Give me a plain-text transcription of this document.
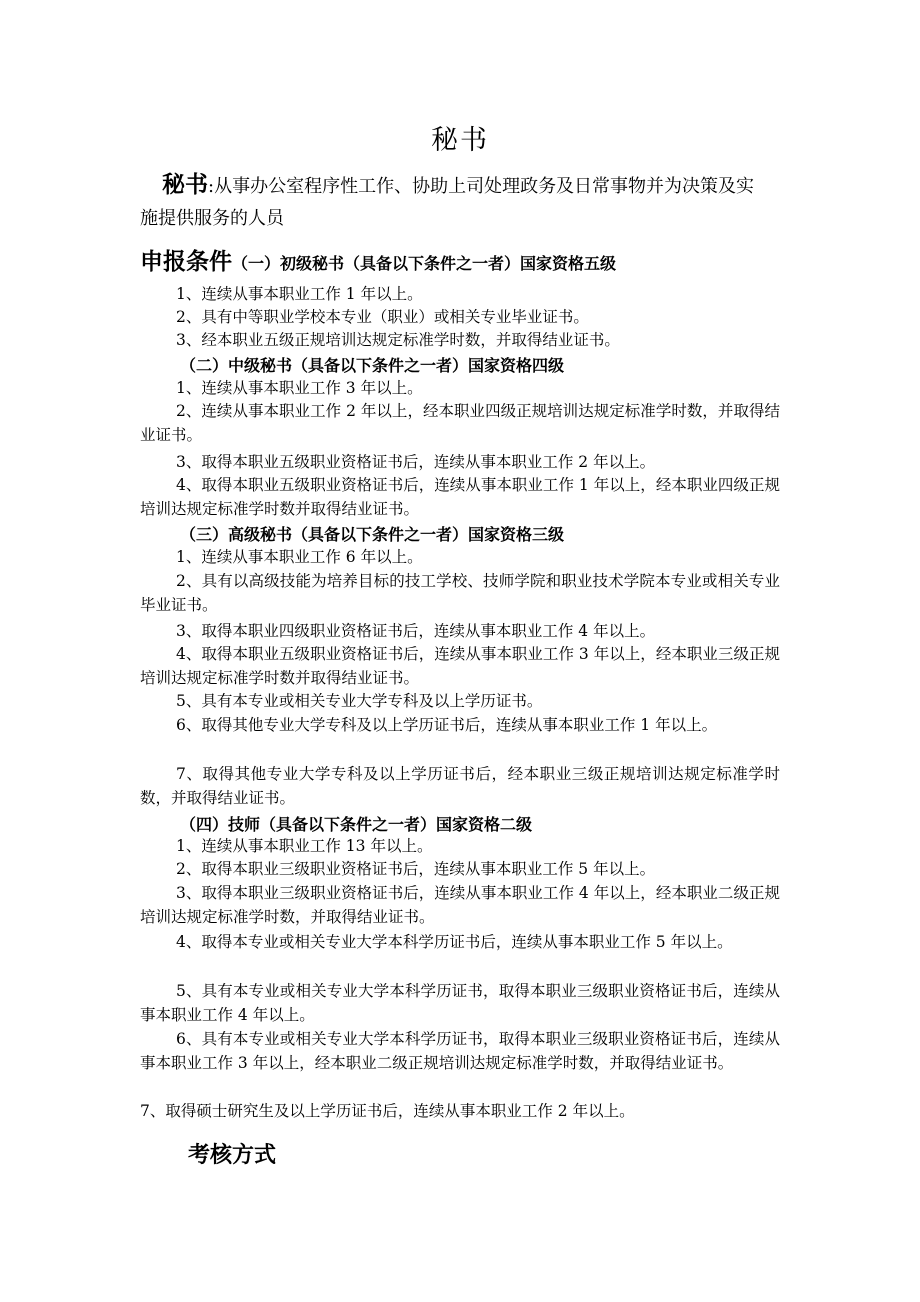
秘书
秘书:从事办公室程序性工作、协助上司处理政务及日常事物并为决策及实
施提供服务的人员
申报条件（一）初级秘书（具备以下条件之一者）国家资格五级
1、连续从事本职业工作 1 年以上。
2、具有中等职业学校本专业（职业）或相关专业毕业证书。
3、经本职业五级正规培训达规定标准学时数，并取得结业证书。
（二）中级秘书（具备以下条件之一者）国家资格四级
1、连续从事本职业工作 3 年以上。
2、连续从事本职业工作 2 年以上，经本职业四级正规培训达规定标准学时数，并取得结业证书。
3、取得本职业五级职业资格证书后，连续从事本职业工作 2 年以上。
4、取得本职业五级职业资格证书后，连续从事本职业工作 1 年以上，经本职业四级正规培训达规定标准学时数并取得结业证书。
（三）高级秘书（具备以下条件之一者）国家资格三级
1、连续从事本职业工作 6 年以上。
2、具有以高级技能为培养目标的技工学校、技师学院和职业技术学院本专业或相关专业毕业证书。
3、取得本职业四级职业资格证书后，连续从事本职业工作 4 年以上。
4、取得本职业五级职业资格证书后，连续从事本职业工作 3 年以上，经本职业三级正规培训达规定标准学时数并取得结业证书。
5、具有本专业或相关专业大学专科及以上学历证书。
6、取得其他专业大学专科及以上学历证书后，连续从事本职业工作 1 年以上。
7、取得其他专业大学专科及以上学历证书后，经本职业三级正规培训达规定标准学时数，并取得结业证书。
（四）技师（具备以下条件之一者）国家资格二级
1、连续从事本职业工作 13 年以上。
2、取得本职业三级职业资格证书后，连续从事本职业工作 5 年以上。
3、取得本职业三级职业资格证书后，连续从事本职业工作 4 年以上，经本职业二级正规培训达规定标准学时数，并取得结业证书。
4、取得本专业或相关专业大学本科学历证书后，连续从事本职业工作 5 年以上。
5、具有本专业或相关专业大学本科学历证书，取得本职业三级职业资格证书后，连续从事本职业工作 4 年以上。
6、具有本专业或相关专业大学本科学历证书，取得本职业三级职业资格证书后，连续从事本职业工作 3 年以上，经本职业二级正规培训达规定标准学时数，并取得结业证书。
7、取得硕士研究生及以上学历证书后，连续从事本职业工作 2 年以上。
考核方式
